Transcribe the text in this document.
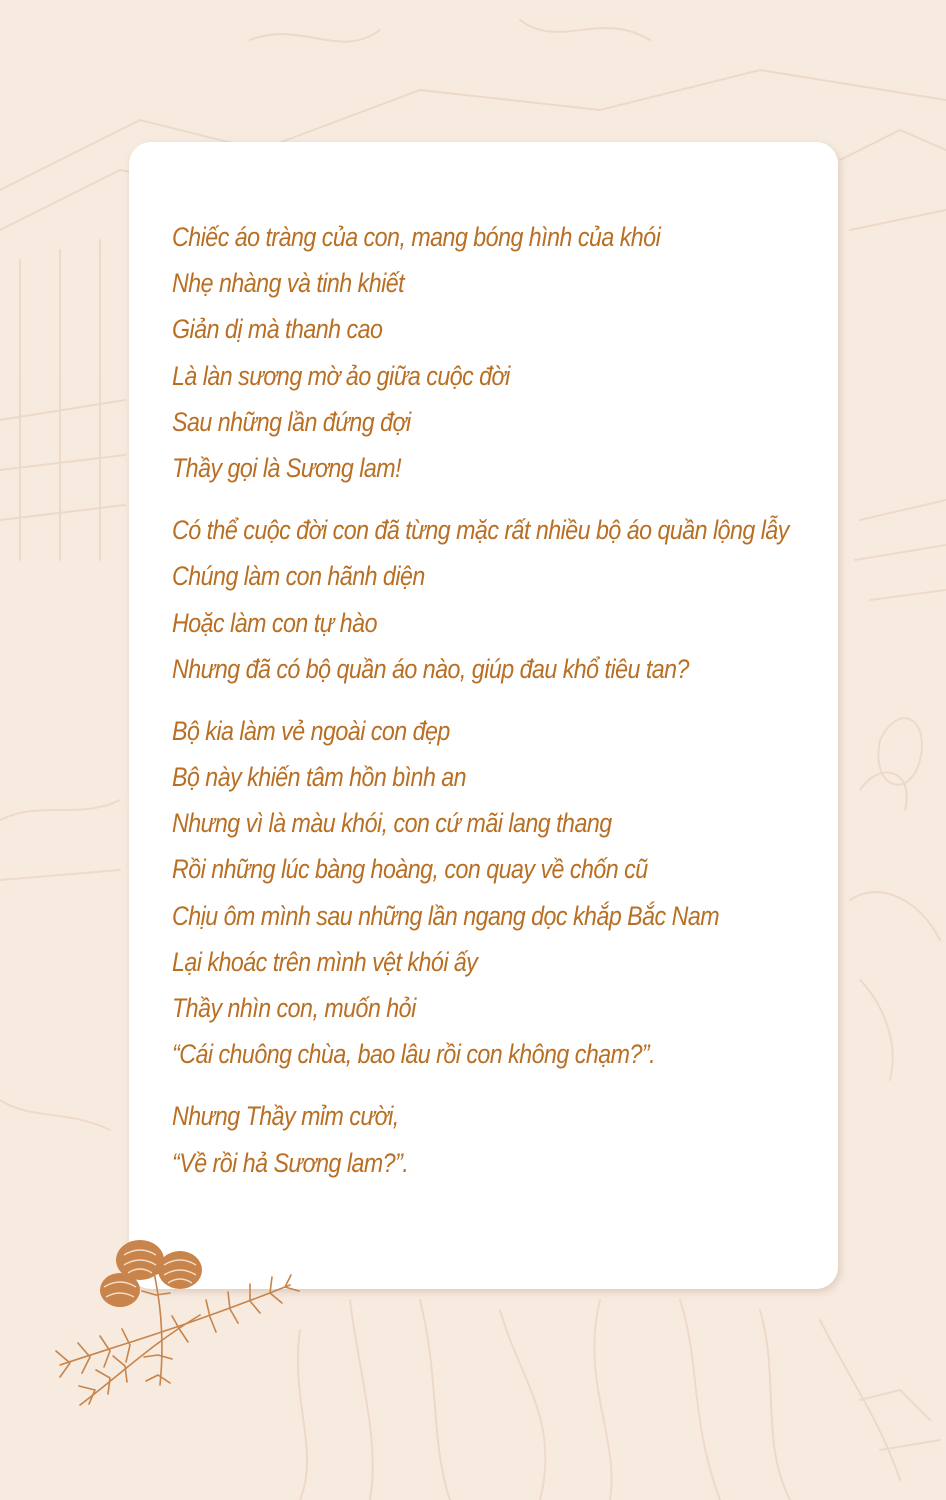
Chiếc áo tràng của con, mang bóng hình của khói
Nhẹ nhàng và tinh khiết
Giản dị mà thanh cao
Là làn sương mờ ảo giữa cuộc đời
Sau những lần đứng đợi
Thầy gọi là Sương lam!
Có thể cuộc đời con đã từng mặc rất nhiều bộ áo quần lộng lẫy
Chúng làm con hãnh diện
Hoặc làm con tự hào
Nhưng đã có bộ quần áo nào, giúp đau khổ tiêu tan?
Bộ kia làm vẻ ngoài con đẹp
Bộ này khiến tâm hồn bình an
Nhưng vì là màu khói, con cứ mãi lang thang
Rồi những lúc bàng hoàng, con quay về chốn cũ
Chịu ôm mình sau những lần ngang dọc khắp Bắc Nam
Lại khoác trên mình vệt khói ấy
Thầy nhìn con, muốn hỏi
“Cái chuông chùa, bao lâu rồi con không chạm?”.
Nhưng Thầy mỉm cười,
“Về rồi hả Sương lam?”.
